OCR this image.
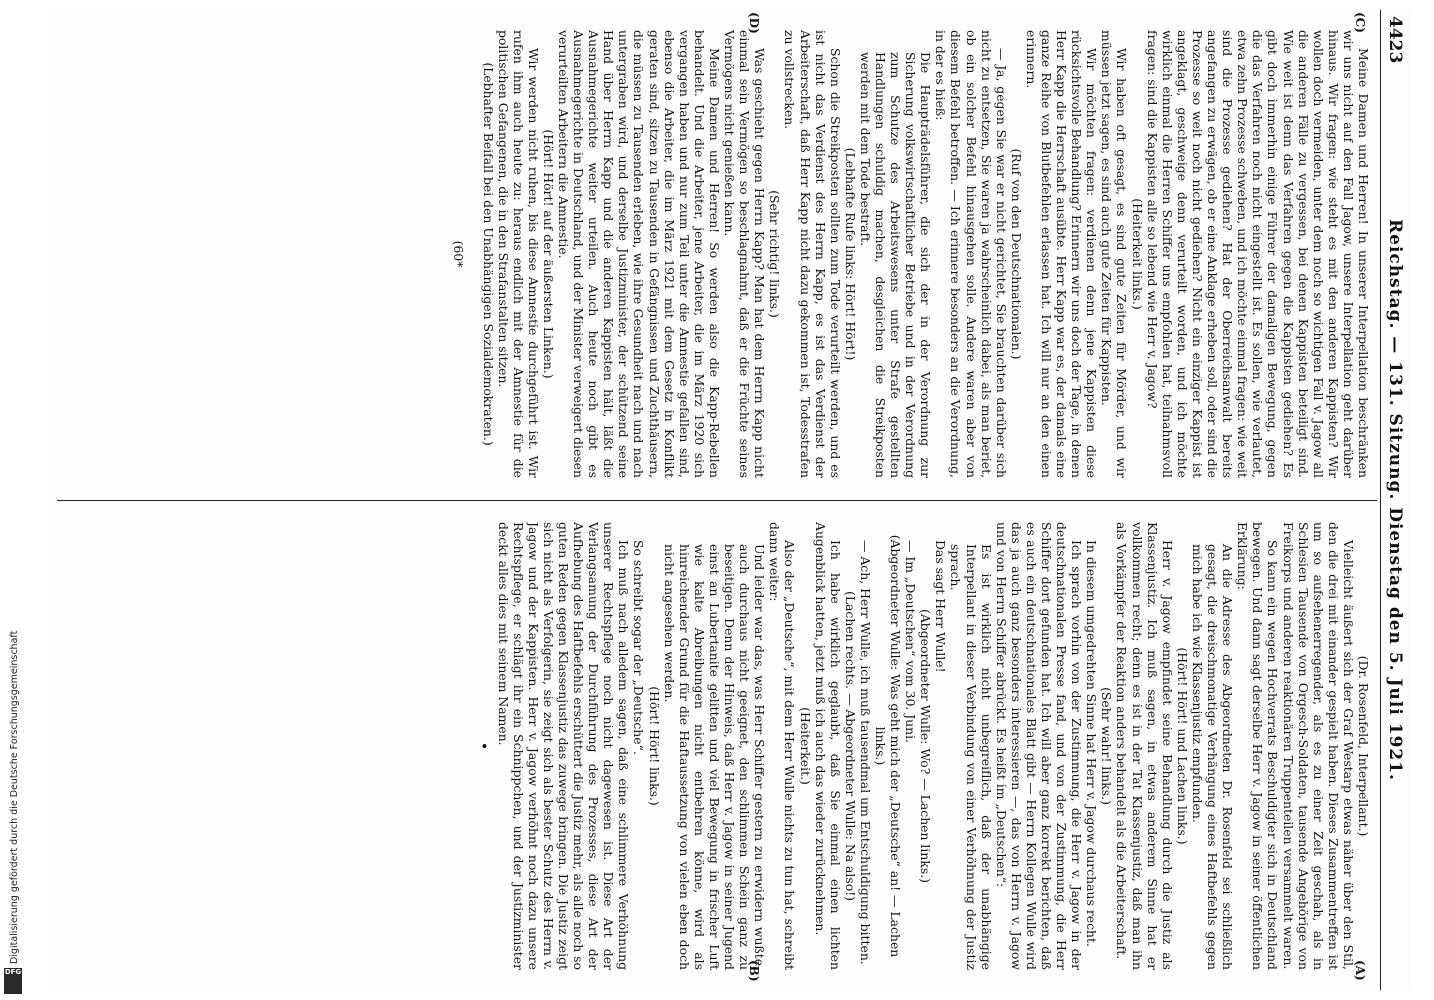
4423
Reichstag. — 131. Sitzung. Dienstag den 5. Juli 1921.
(C)
(D)
(A)
(B)

Meine Damen und Herren! In unserer Interpellation beschränken wir uns nicht auf den Fall Jagow, unsere Interpellation geht darüber hinaus. Wir fragen: wie steht es mit den anderen Kappisten? Wir wollen doch vermeiden, unter dem noch so wichtigen Fall v. Jagow all die anderen Fälle zu vergessen, bei denen Kappisten beteiligt sind. Wie weit ist denn das Verfahren gegen die Kappisten gediehen? Es gibt doch immerhin einige Führer der damaligen Bewegung, gegen die das Verfahren noch nicht eingestellt ist. Es sollen, wie verlautet, etwa zehn Prozesse schweben, und ich möchte einmal fragen: wie weit sind die Prozesse gediehen? Hat der Oberreichsanwalt bereits angefangen zu erwägen, ob er eine Anklage erheben soll, oder sind die Prozesse so weit noch nicht gediehen? Nicht ein einziger Kappist ist angeklagt, geschweige denn verurteilt worden, und ich möchte wirklich einmal die Herren Schiffer uns empfohlen hat, teilnahmsvoll fragen: sind die Kappisten alle so lebend wie Herr v. Jagow?

(Heiterkeit links.)

Wir haben oft gesagt, es sind gute Zeiten für Mörder, und wir müssen jetzt sagen, es sind auch gute Zeiten für Kappisten.

Wir möchten fragen: verdienen denn jene Kappisten diese rücksichtsvolle Behandlung? Erinnern wir uns doch der Tage, in denen Herr Kapp die Herrschaft ausübte. Herr Kapp war es, der damals eine ganze Reihe von Blutbefehlen erlassen hat. Ich will nur an den einen erinnern.

(Ruf von den Deutschnationalen.)

— Ja, gegen Sie war er nicht gerichtet, Sie brauchten darüber sich nicht zu entsetzen, Sie waren ja wahrscheinlich dabei, als man beriet, ob ein solcher Befehl hinausgehen solle. Andere waren aber von diesem Befehl betroffen. — Ich erinnere besonders an die Verordnung, in der es hieß:

Die Haupträdelsführer, die sich der in der Verordnung zur Sicherung volkswirtschaftlicher Betriebe und in der Verordnung zum Schutze des Arbeitswesens unter Strafe gestellten Handlungen schuldig machen, desgleichen die Streikposten werden mit dem Tode bestraft.

(Lebhafte Rufe links: Hört! Hört!)

Schon die Streikposten sollten zum Tode verurteilt werden, und es ist nicht das Verdienst des Herrn Kapp, es ist das Verdienst der Arbeiterschaft, daß Herr Kapp nicht dazu gekommen ist, Todesstrafen zu vollstrecken.

(Sehr richtig! links.)

Was geschieht gegen Herrn Kapp? Man hat dem Herrn Kapp nicht einmal sein Vermögen so beschlagnahmt, daß er die Früchte seines Vermögens nicht genießen kann.

Meine Damen und Herren! So werden also die Kapp-Rebellen behandelt. Und die Arbeiter, jene Arbeiter, die im März 1920 sich vergangen haben und nur zum Teil unter die Amnestie gefallen sind, ebenso die Arbeiter, die im März 1921 mit dem Gesetz in Konflikt geraten sind, sitzen zu Tausenden in Gefängnissen und Zuchthäusern, die müssen zu Tausenden erleben, wie ihre Gesundheit nach und nach untergraben wird, und derselbe Justizminister, der schützend seine Hand über Herrn Kapp und die anderen Kappisten hält, läßt die Ausnahmegerichte weiter urteilen. Auch heute noch gibt es Ausnahmegerichte in Deutschland, und der Minister verweigert diesen verurteilten Arbeitern die Amnestie.

(Hört! Hört! auf der äußersten Linken.)

Wir werden nicht ruhen, bis diese Amnestie durchgeführt ist. Wir rufen ihm auch heute zu: heraus endlich mit der Amnestie für die politischen Gefangenen, die in den Strafanstalten sitzen.

(Lebhafter Beifall bei den Unabhängigen Sozialdemokraten.)

(60*

(Dr. Rosenfeld, Interpellant.)

Vielleicht äußert sich der Graf Westarp etwas näher über den Stil, den die drei mit einander gespielt haben. Dieses Zusammentreffen ist um so aufsehenerregender, als es zu einer Zeit geschah, als in Schlesien Tausende von Orgesch-Soldaten, tausende Angehörige von Freikorps und anderen reaktionären Truppenteilen versammelt waren.

So kann ein wegen Hochverrats Beschuldigter sich in Deutschland bewegen. Und dann sagt derselbe Herr v. Jagow in seiner öffentlichen Erklärung:

An die Adresse des Abgeordneten Dr. Rosenfeld sei schließlich gesagt, die dreischmonatige Verhängung eines Haftbefehls gegen mich habe ich wie Klassenjustiz empfunden.

(Hört! Hört! und Lachen links.)

Herr v. Jagow empfindet seine Behandlung durch die Justiz als Klassenjustiz. Ich muß sagen, in etwas anderem Sinne hat er vollkommen recht; denn es ist in der Tat Klassenjustiz, daß man ihn als Vorkämpfer der Reaktion anders behandelt als die Arbeiterschaft.

(Sehr wahr! links.)

In diesem umgedrehten Sinne hat Herr v. Jagow durchaus recht.

Ich sprach vorhin von der Zustimmung, die Herr v. Jagow in der deutschnationalen Presse fand, und von der Zustimmung, die Herr Schiffer dort gefunden hat. Ich will aber ganz korrekt berichten, daß es auch ein deutschnationales Blatt gibt — Herrn Kollegen Wulle wird das ja auch ganz besonders interessieren —, das von Herrn v. Jagow und von Herrn Schiffer abrückt. Es heißt im „Deutschen“:

Es ist wirklich nicht unbegreiflich, daß der unabhängige Interpellant in dieser Verbindung von einer Verhöhnung der Justiz sprach.

Das sagt Herr Wulle!

(Abgeordneter Wulle: Wo? — Lachen links.)

— Im „Deutschen“ vom 30. Juni.

(Abgeordneter Wulle: Was geht mich der „Deutsche“ an! — Lachen links.)

— Ach, Herr Wulle, ich muß tausendmal um Entschuldigung bitten.

(Lachen rechts. — Abgeordneter Wulle: Na also!)

Ich habe wirklich geglaubt, daß Sie einmal einen lichten Augenblick hatten, jetzt muß ich auch das wieder zurücknehmen.

(Heiterkeit.)

Also der „Deutsche“, mit dem Herr Wulle nichts zu tun hat, schreibt dann weiter:

Und leider war das, was Herr Schiffer gestern zu erwidern wußte, auch durchaus nicht geeignet, den schlimmen Schein ganz zu beseitigen. Denn der Hinweis, daß Herr v. Jagow in seiner Jugend einst an Lubertanite gelitten und viel Bewegung in frischer Luft wie kalte Abreibungen nicht entbehren könne, wird als hinreichender Grund für die Haftaussetzung von vielen eben doch nicht angesehen werden.

(Hört! Hört! links.)

So schreibt sogar der „Deutsche“.

Ich muß nach alledem sagen, daß eine schlimmere Verhöhnung unserer Rechtspflege noch nicht dagewesen ist. Diese Art der Verlangsamung der Durchführung des Prozesses, diese Art der Aufhebung des Haftbefehls erschüttert die Justiz mehr, als alle noch so guten Reden gegen Klassenjustiz das zuwege bringen. Die Justiz zeigt sich nicht als Verfolgerin, sie zeigt sich als bester Schutz des Herrn v. Jagow und der Kappisten. Herr v. Jagow verhöhnt noch dazu unsere Rechtspflege, er schlägt ihr ein Schnippchen, und der Justizminister deckt alles dies mit seinem Namen.

•
Digitalisierung gefördert durch die Deutsche Forschungsgemeinschaft
DFG
